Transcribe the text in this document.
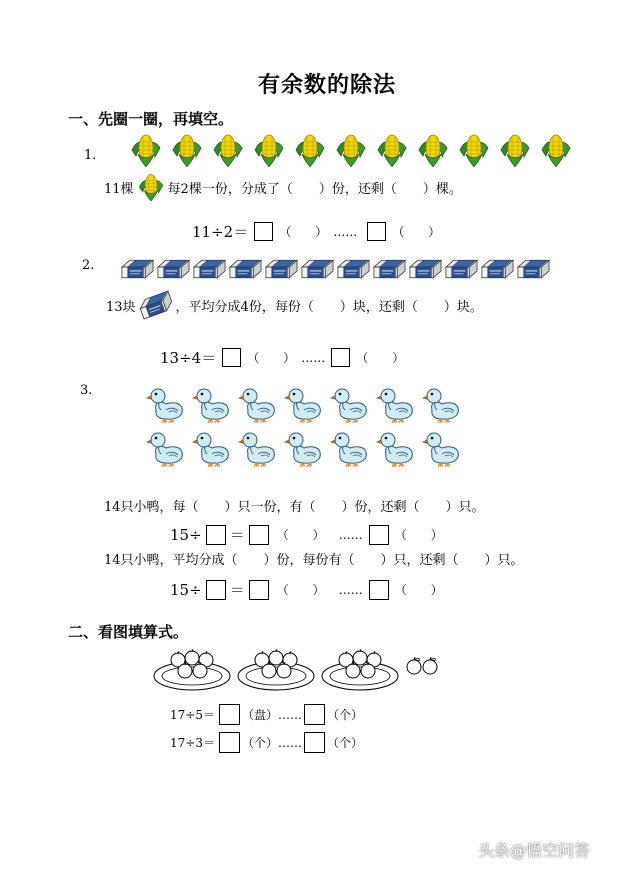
有余数的除法
一、先圈一圈，再填空。
1.
11棵	每2棵一份，分成了（　　）份，还剩（　　）棵。
11÷2＝	（　　） ……	（　　）
2.
13块	，平均分成4份，每份（　　）块，还剩（　　）块。
13÷4＝	（　　） ……	（　　）
3.
14只小鸭，每（　　）只一份，有（　　）份，还剩（　　）只。
15÷ ＝	（　　） ……	（　　）
14只小鸭，平均分成（　　）份，每份有（　　）只，还剩（　　）只。
15÷ ＝	（　　） ……	（　　）
二、看图填算式。
17÷5＝ （盘） …… （个）
17÷3＝ （个） …… （个）
头条@悟空问答
